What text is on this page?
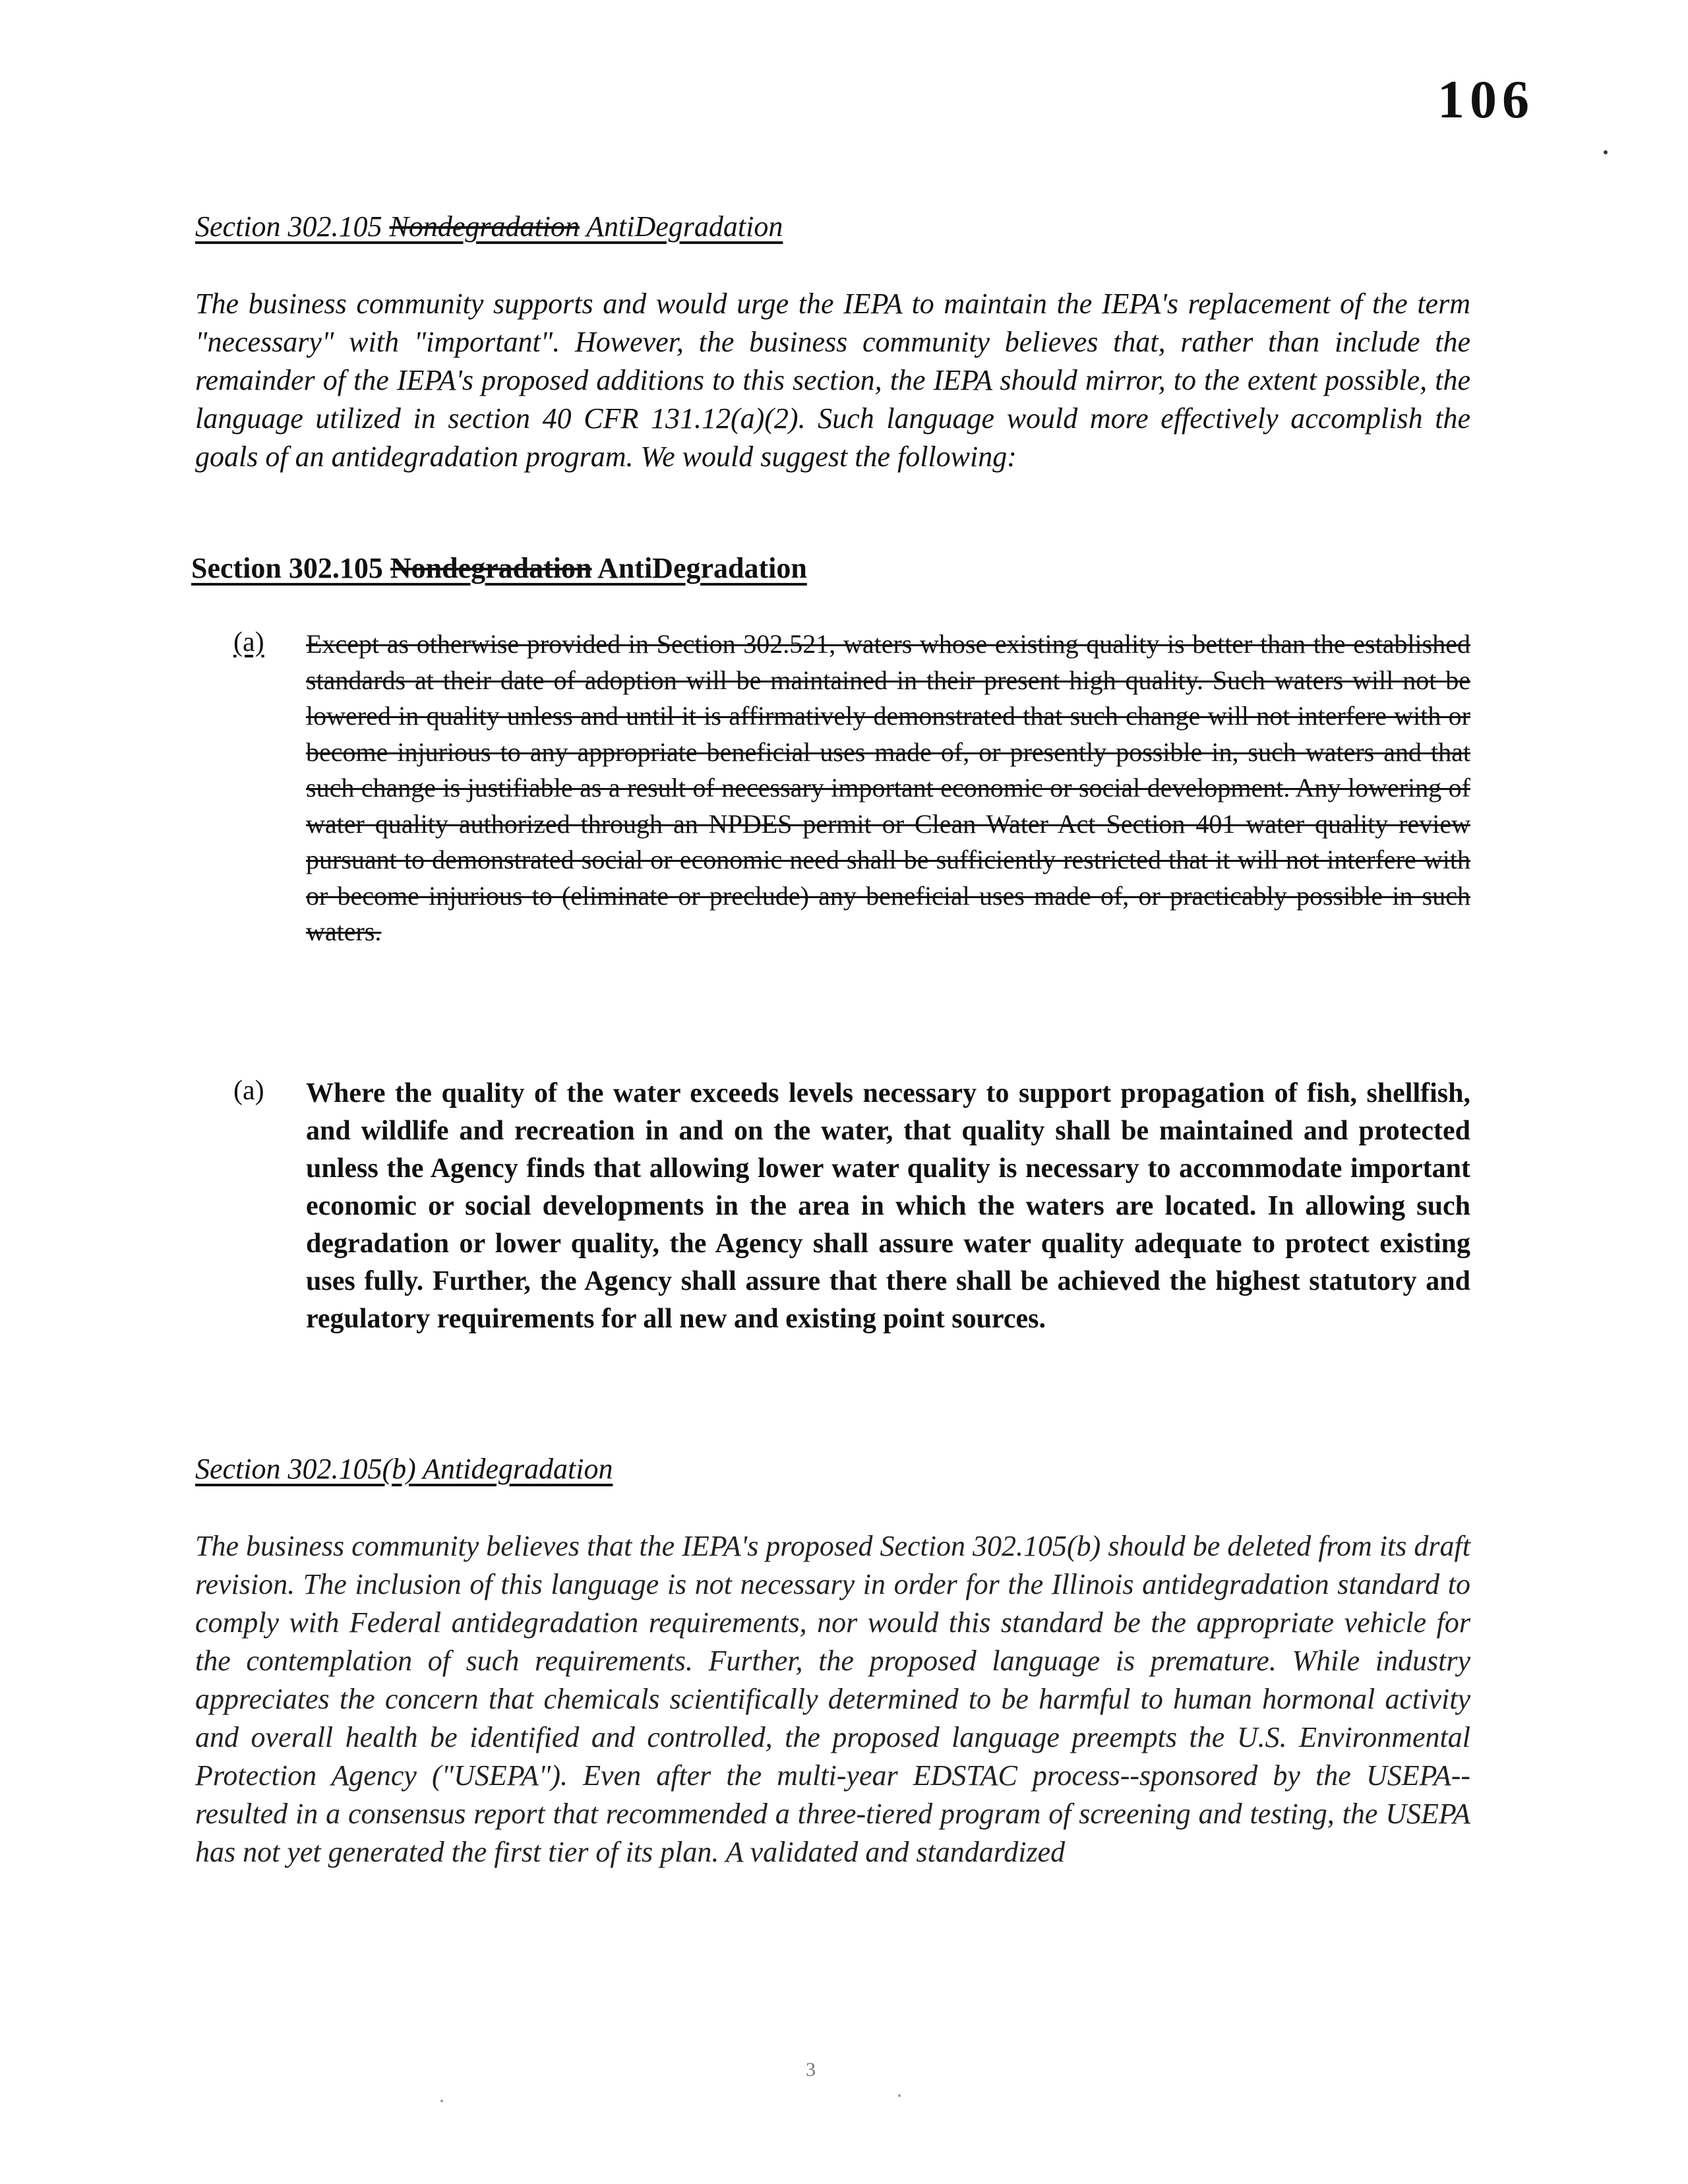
106
Section 302.105 Nondegradation AntiDegradation
The business community supports and would urge the IEPA to maintain the IEPA's replacement of the term "necessary" with "important". However, the business community believes that, rather than include the remainder of the IEPA's proposed additions to this section, the IEPA should mirror, to the extent possible, the language utilized in section 40 CFR 131.12(a)(2). Such language would more effectively accomplish the goals of an antidegradation program. We would suggest the following:
Section 302.105 Nondegradation AntiDegradation
(a) Except as otherwise provided in Section 302.521, waters whose existing quality is better than the established standards at their date of adoption will be maintained in their present high quality. Such waters will not be lowered in quality unless and until it is affirmatively demonstrated that such change will not interfere with or become injurious to any appropriate beneficial uses made of, or presently possible in, such waters and that such change is justifiable as a result of necessary important economic or social development. Any lowering of water quality authorized through an NPDES permit or Clean Water Act Section 401 water quality review pursuant to demonstrated social or economic need shall be sufficiently restricted that it will not interfere with or become injurious to (eliminate or preclude) any beneficial uses made of, or practicably possible in such waters.
(a) Where the quality of the water exceeds levels necessary to support propagation of fish, shellfish, and wildlife and recreation in and on the water, that quality shall be maintained and protected unless the Agency finds that allowing lower water quality is necessary to accommodate important economic or social developments in the area in which the waters are located. In allowing such degradation or lower quality, the Agency shall assure water quality adequate to protect existing uses fully. Further, the Agency shall assure that there shall be achieved the highest statutory and regulatory requirements for all new and existing point sources.
Section 302.105(b) Antidegradation
The business community believes that the IEPA's proposed Section 302.105(b) should be deleted from its draft revision. The inclusion of this language is not necessary in order for the Illinois antidegradation standard to comply with Federal antidegradation requirements, nor would this standard be the appropriate vehicle for the contemplation of such requirements. Further, the proposed language is premature. While industry appreciates the concern that chemicals scientifically determined to be harmful to human hormonal activity and overall health be identified and controlled, the proposed language preempts the U.S. Environmental Protection Agency ("USEPA"). Even after the multi-year EDSTAC process--sponsored by the USEPA--resulted in a consensus report that recommended a three-tiered program of screening and testing, the USEPA has not yet generated the first tier of its plan. A validated and standardized
3
